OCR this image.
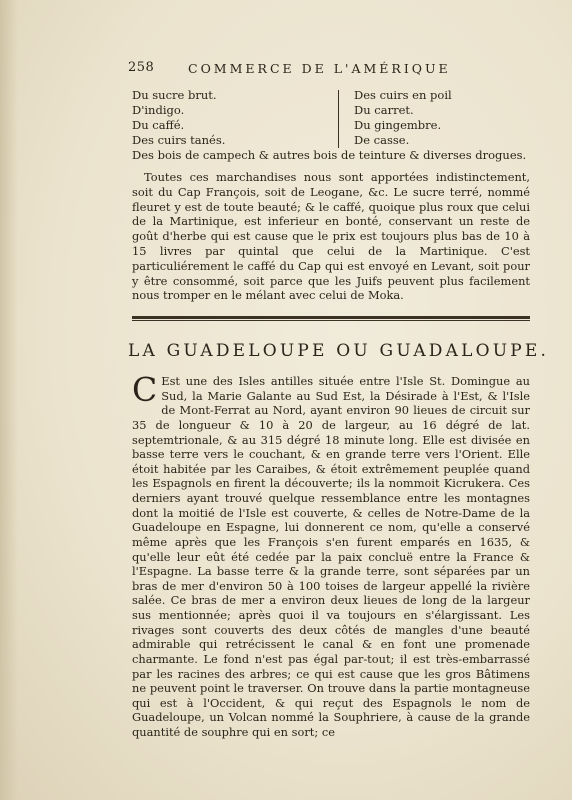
258	COMMERCE DE L'AMÉRIQUE
Du sucre brut.
D'indigo.
Du caffé.
Des cuirs tanés.
Des cuirs en poil
Du carret.
Du gingembre.
De casse.
Des bois de campech & autres bois de teinture & diverses drogues.

Toutes ces marchandises nous sont apportées indistinctement, soit du Cap François, soit de Leogane, &c. Le sucre terré, nommé fleuret y est de toute beauté; & le caffé, quoique plus roux que celui de la Martinique, est inferieur en bonté, conservant un reste de goût d'herbe qui est cause que le prix est toujours plus bas de 10 à 15 livres par quintal que celui de la Martinique. C'est particuliérement le caffé du Cap qui est envoyé en Levant, soit pour y être consommé, soit parce que les Juifs peuvent plus facilement nous tromper en le mélant avec celui de Moka.

LA GUADELOUPE OU GUADALOUPE.

C Est une des Isles antilles située entre l'Isle St. Domingue au Sud, la Marie Galante au Sud Est, la Désirade à l'Est, & l'Isle de Mont-Ferrat au Nord, ayant environ 90 lieues de circuit sur 35 de longueur & 10 à 20 de largeur, au 16 dégré de lat. septemtrionale, & au 315 dégré 18 minute long. Elle est divisée en basse terre vers le couchant, & en grande terre vers l'Orient. Elle étoit habitée par les Caraibes, & étoit extrêmement peuplée quand les Espagnols en firent la découverte; ils la nommoit Kicrukera. Ces derniers ayant trouvé quelque ressemblance entre les montagnes dont la moitié de l'Isle est couverte, & celles de Notre-Dame de la Guadeloupe en Espagne, lui donnerent ce nom, qu'elle a conservé même après que les François s'en furent emparés en 1635, & qu'elle leur eût été cedée par la paix concluë entre la France & l'Espagne. La basse terre & la grande terre, sont séparées par un bras de mer d'environ 50 à 100 toises de largeur appellé la rivière salée. Ce bras de mer a environ deux lieues de long de la largeur sus mentionnée; après quoi il va toujours en s'élargissant. Les rivages sont couverts des deux côtés de mangles d'une beauté admirable qui retrécissent le canal & en font une promenade charmante. Le fond n'est pas égal par-tout; il est très-embarrassé par les racines des arbres; ce qui est cause que les gros Bâtimens ne peuvent point le traverser. On trouve dans la partie montagneuse qui est à l'Occident, & qui reçut des Espagnols le nom de Guadeloupe, un Volcan nommé la Souphriere, à cause de la grande quantité de souphre qui en sort; ce
